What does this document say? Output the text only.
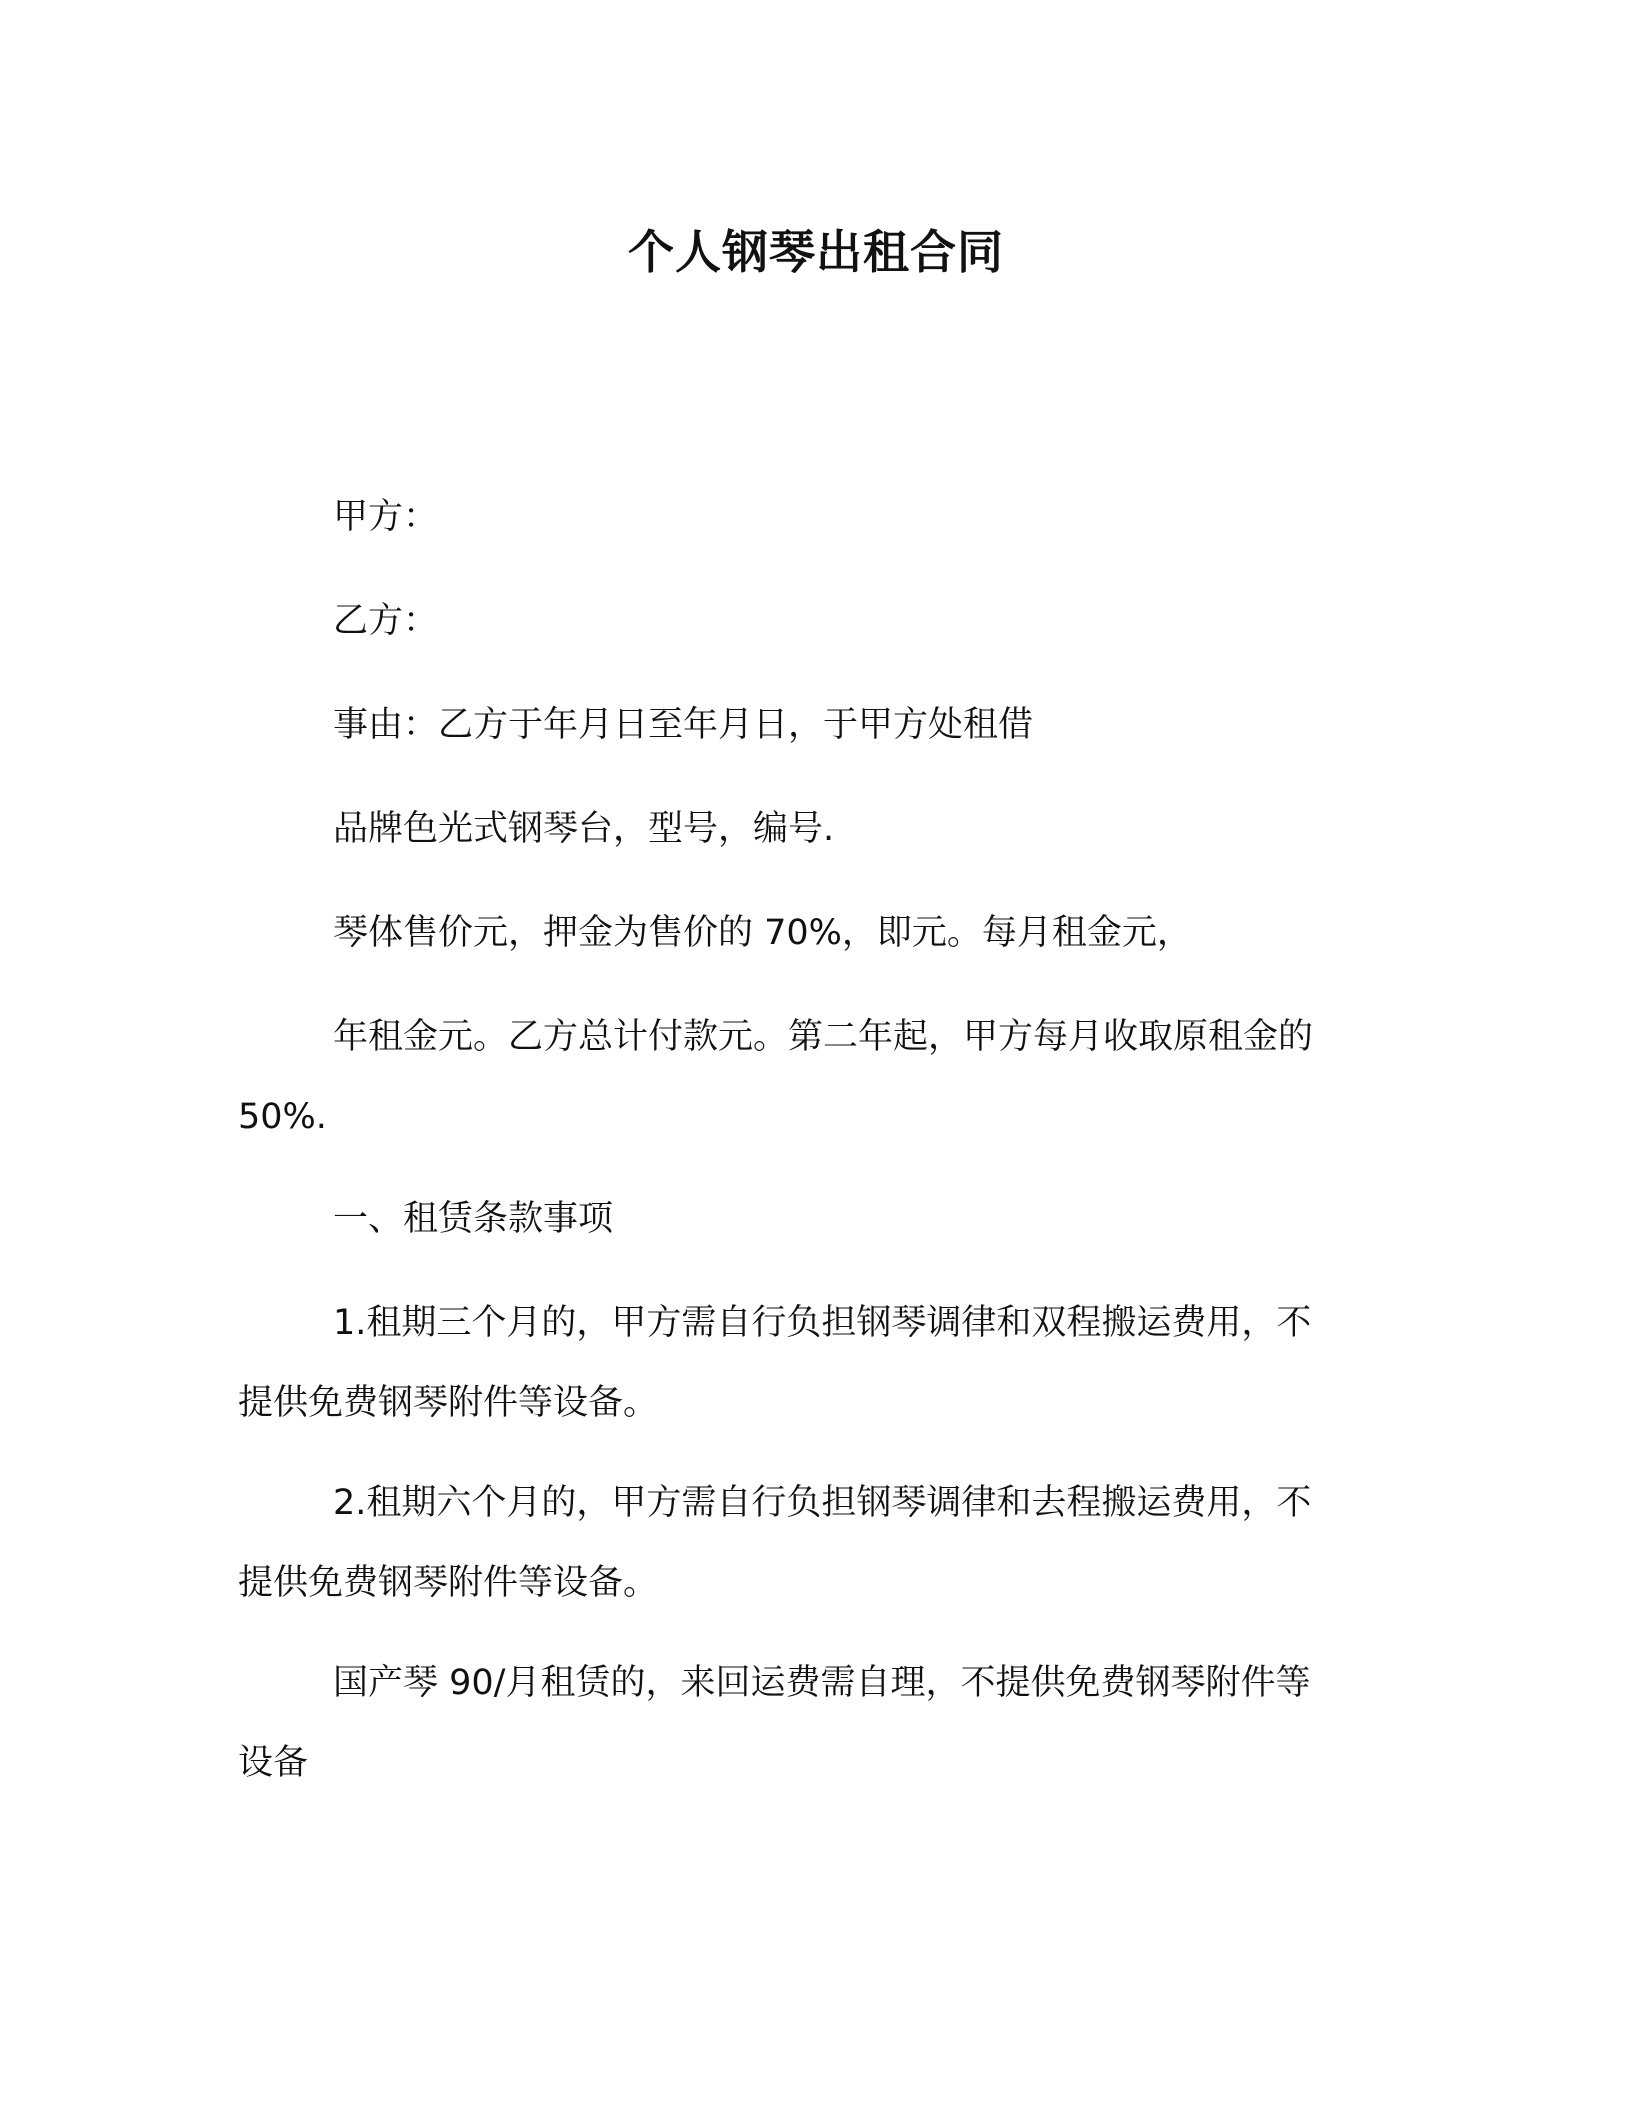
个人钢琴出租合同
甲方：
乙方：
事由：乙方于年月日至年月日，于甲方处租借
品牌色光式钢琴台，型号，编号.
琴体售价元，押金为售价的 70%，即元。每月租金元，
年租金元。乙方总计付款元。第二年起，甲方每月收取原租金的
50%.
一、租赁条款事项
1.租期三个月的，甲方需自行负担钢琴调律和双程搬运费用，不
提供免费钢琴附件等设备。
2.租期六个月的，甲方需自行负担钢琴调律和去程搬运费用，不
提供免费钢琴附件等设备。
国产琴 90/月租赁的，来回运费需自理，不提供免费钢琴附件等
设备
